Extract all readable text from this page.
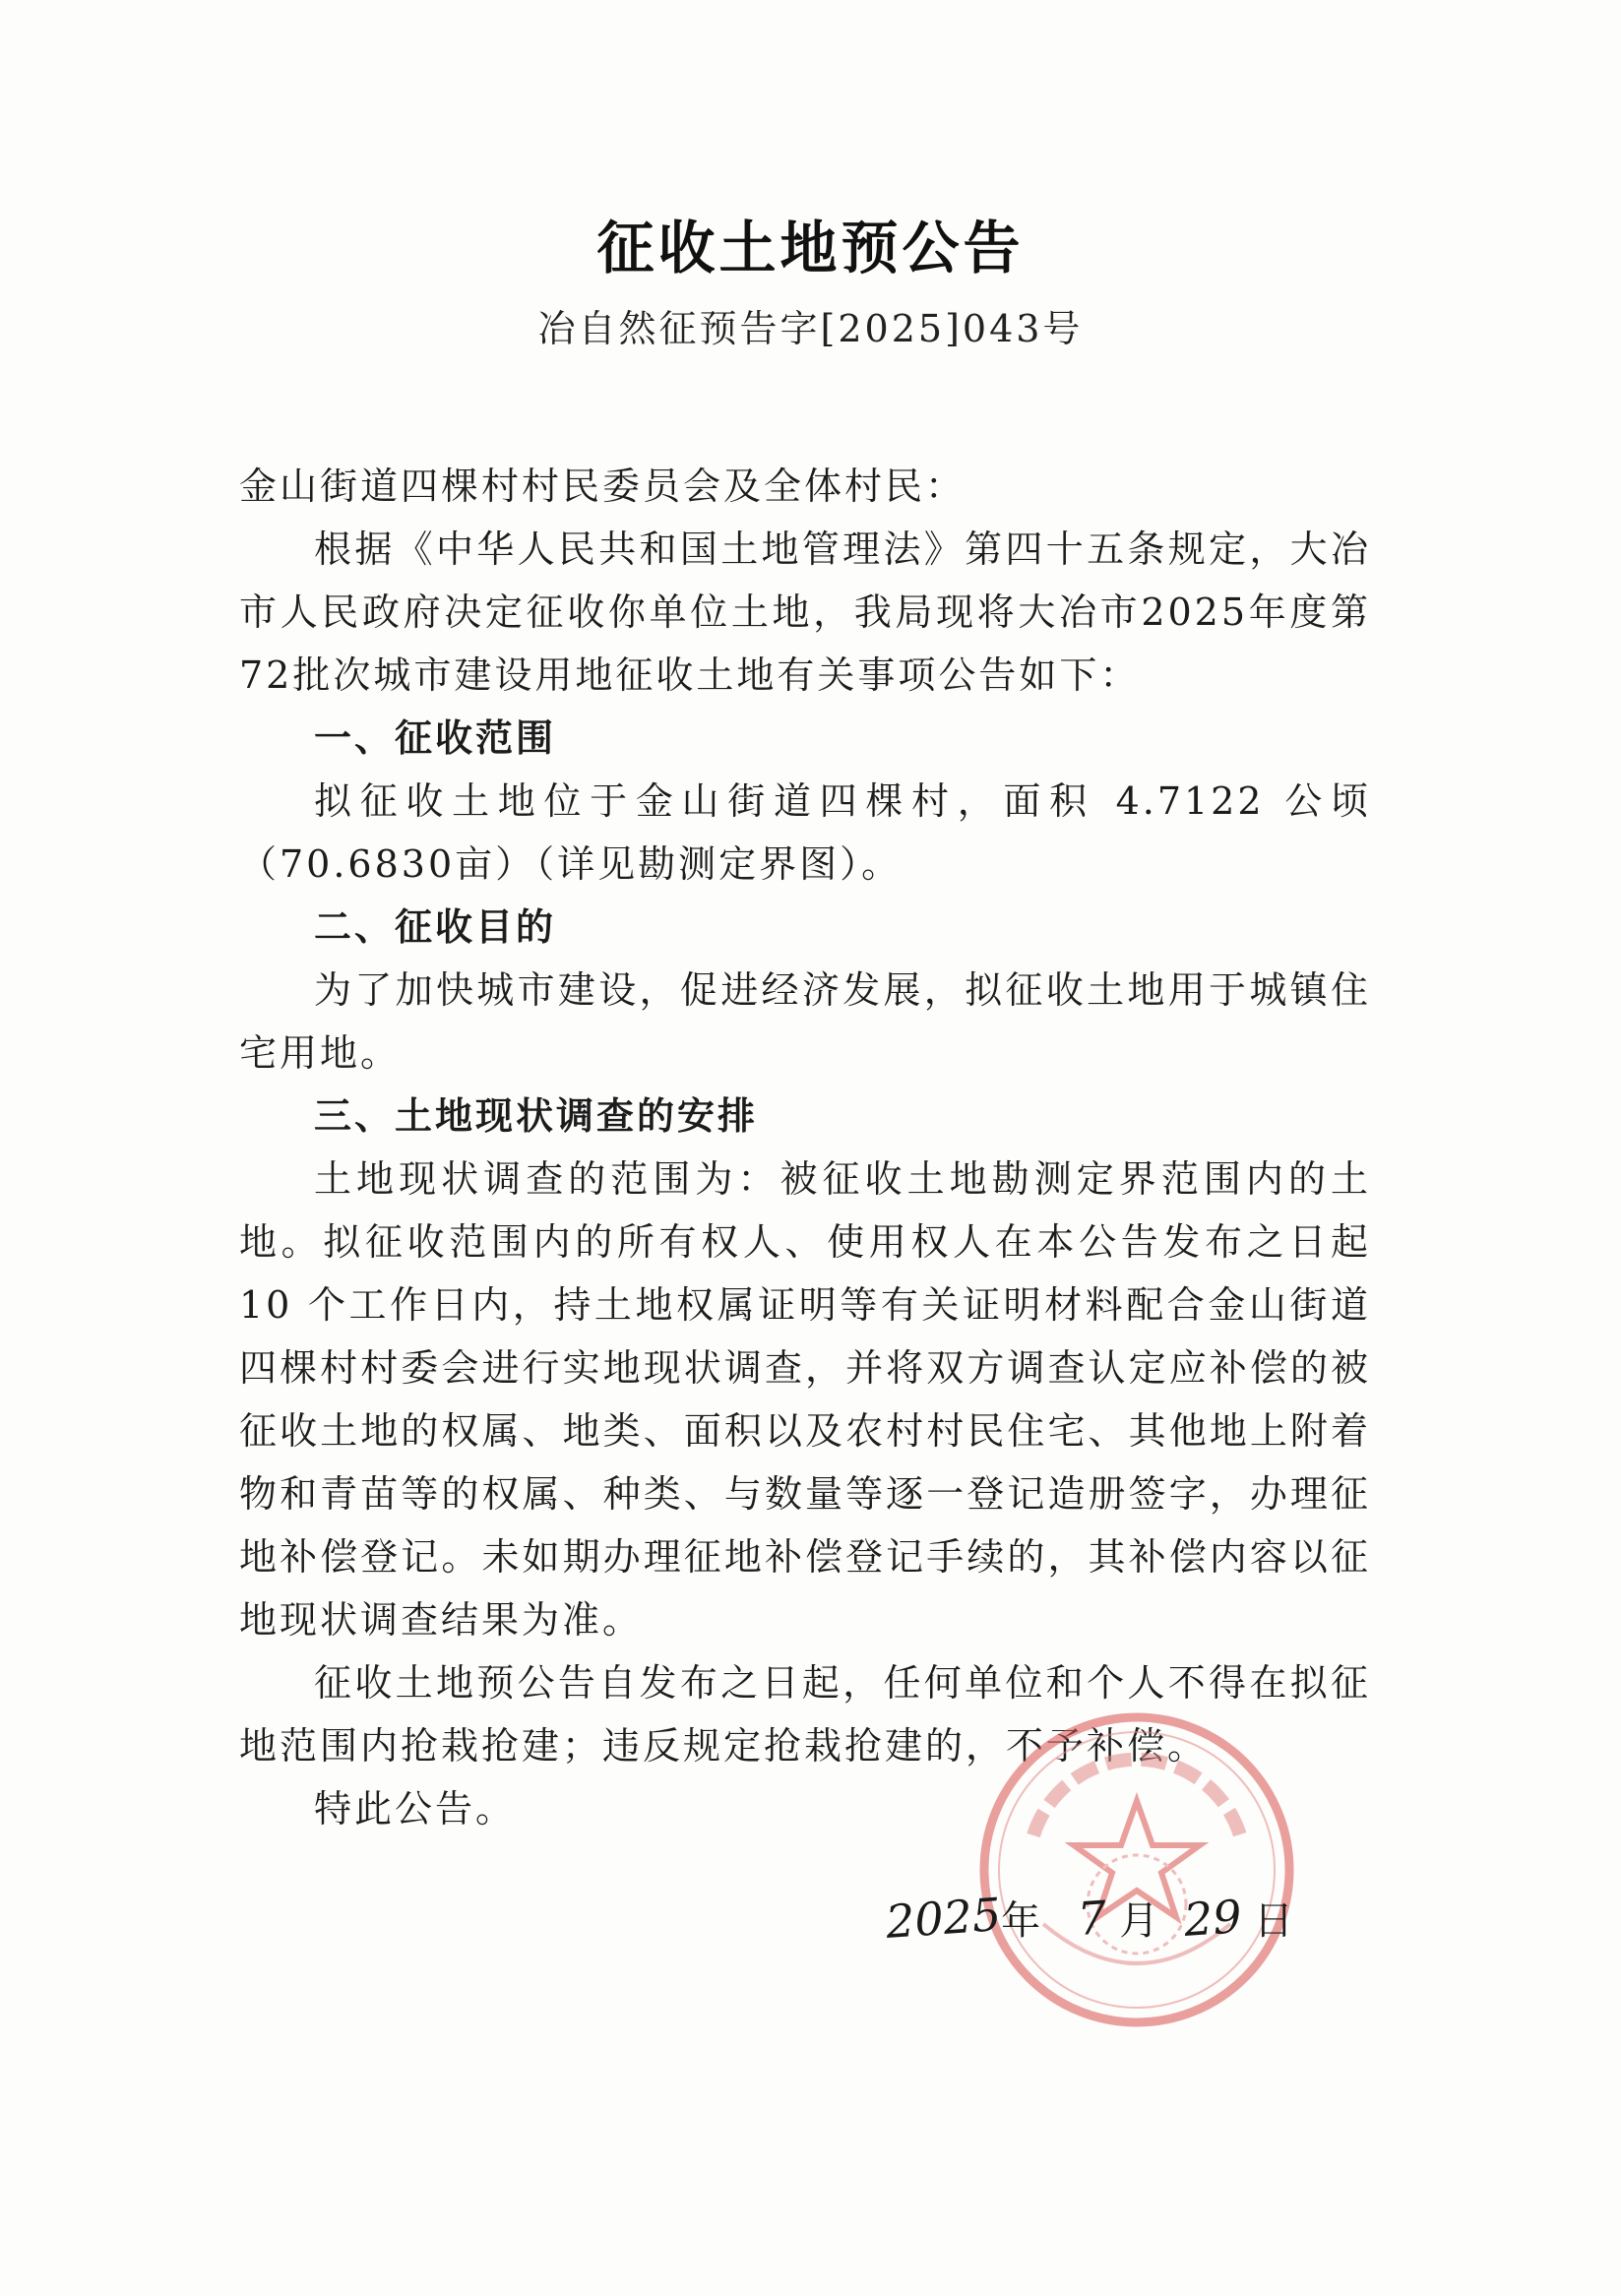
征收土地预公告
冶自然征预告字[2025]043号

金山街道四棵村村民委员会及全体村民：

根据《中华人民共和国土地管理法》第四十五条规定，大冶市人民政府决定征收你单位土地，我局现将大冶市2025年度第72批次城市建设用地征收土地有关事项公告如下：

一、征收范围

拟征收土地位于金山街道四棵村，面积 4.7122 公顷（70.6830亩）（详见勘测定界图）。

二、征收目的

为了加快城市建设，促进经济发展，拟征收土地用于城镇住宅用地。

三、土地现状调查的安排

土地现状调查的范围为：被征收土地勘测定界范围内的土地。拟征收范围内的所有权人、使用权人在本公告发布之日起 10 个工作日内，持土地权属证明等有关证明材料配合金山街道四棵村村委会进行实地现状调查，并将双方调查认定应补偿的被征收土地的权属、地类、面积以及农村村民住宅、其他地上附着物和青苗等的权属、种类、与数量等逐一登记造册签字，办理征地补偿登记。未如期办理征地补偿登记手续的，其补偿内容以征地现状调查结果为准。

征收土地预公告自发布之日起，任何单位和个人不得在拟征地范围内抢栽抢建；违反规定抢栽抢建的，不予补偿。

特此公告。

2025年 7 月 29 日
